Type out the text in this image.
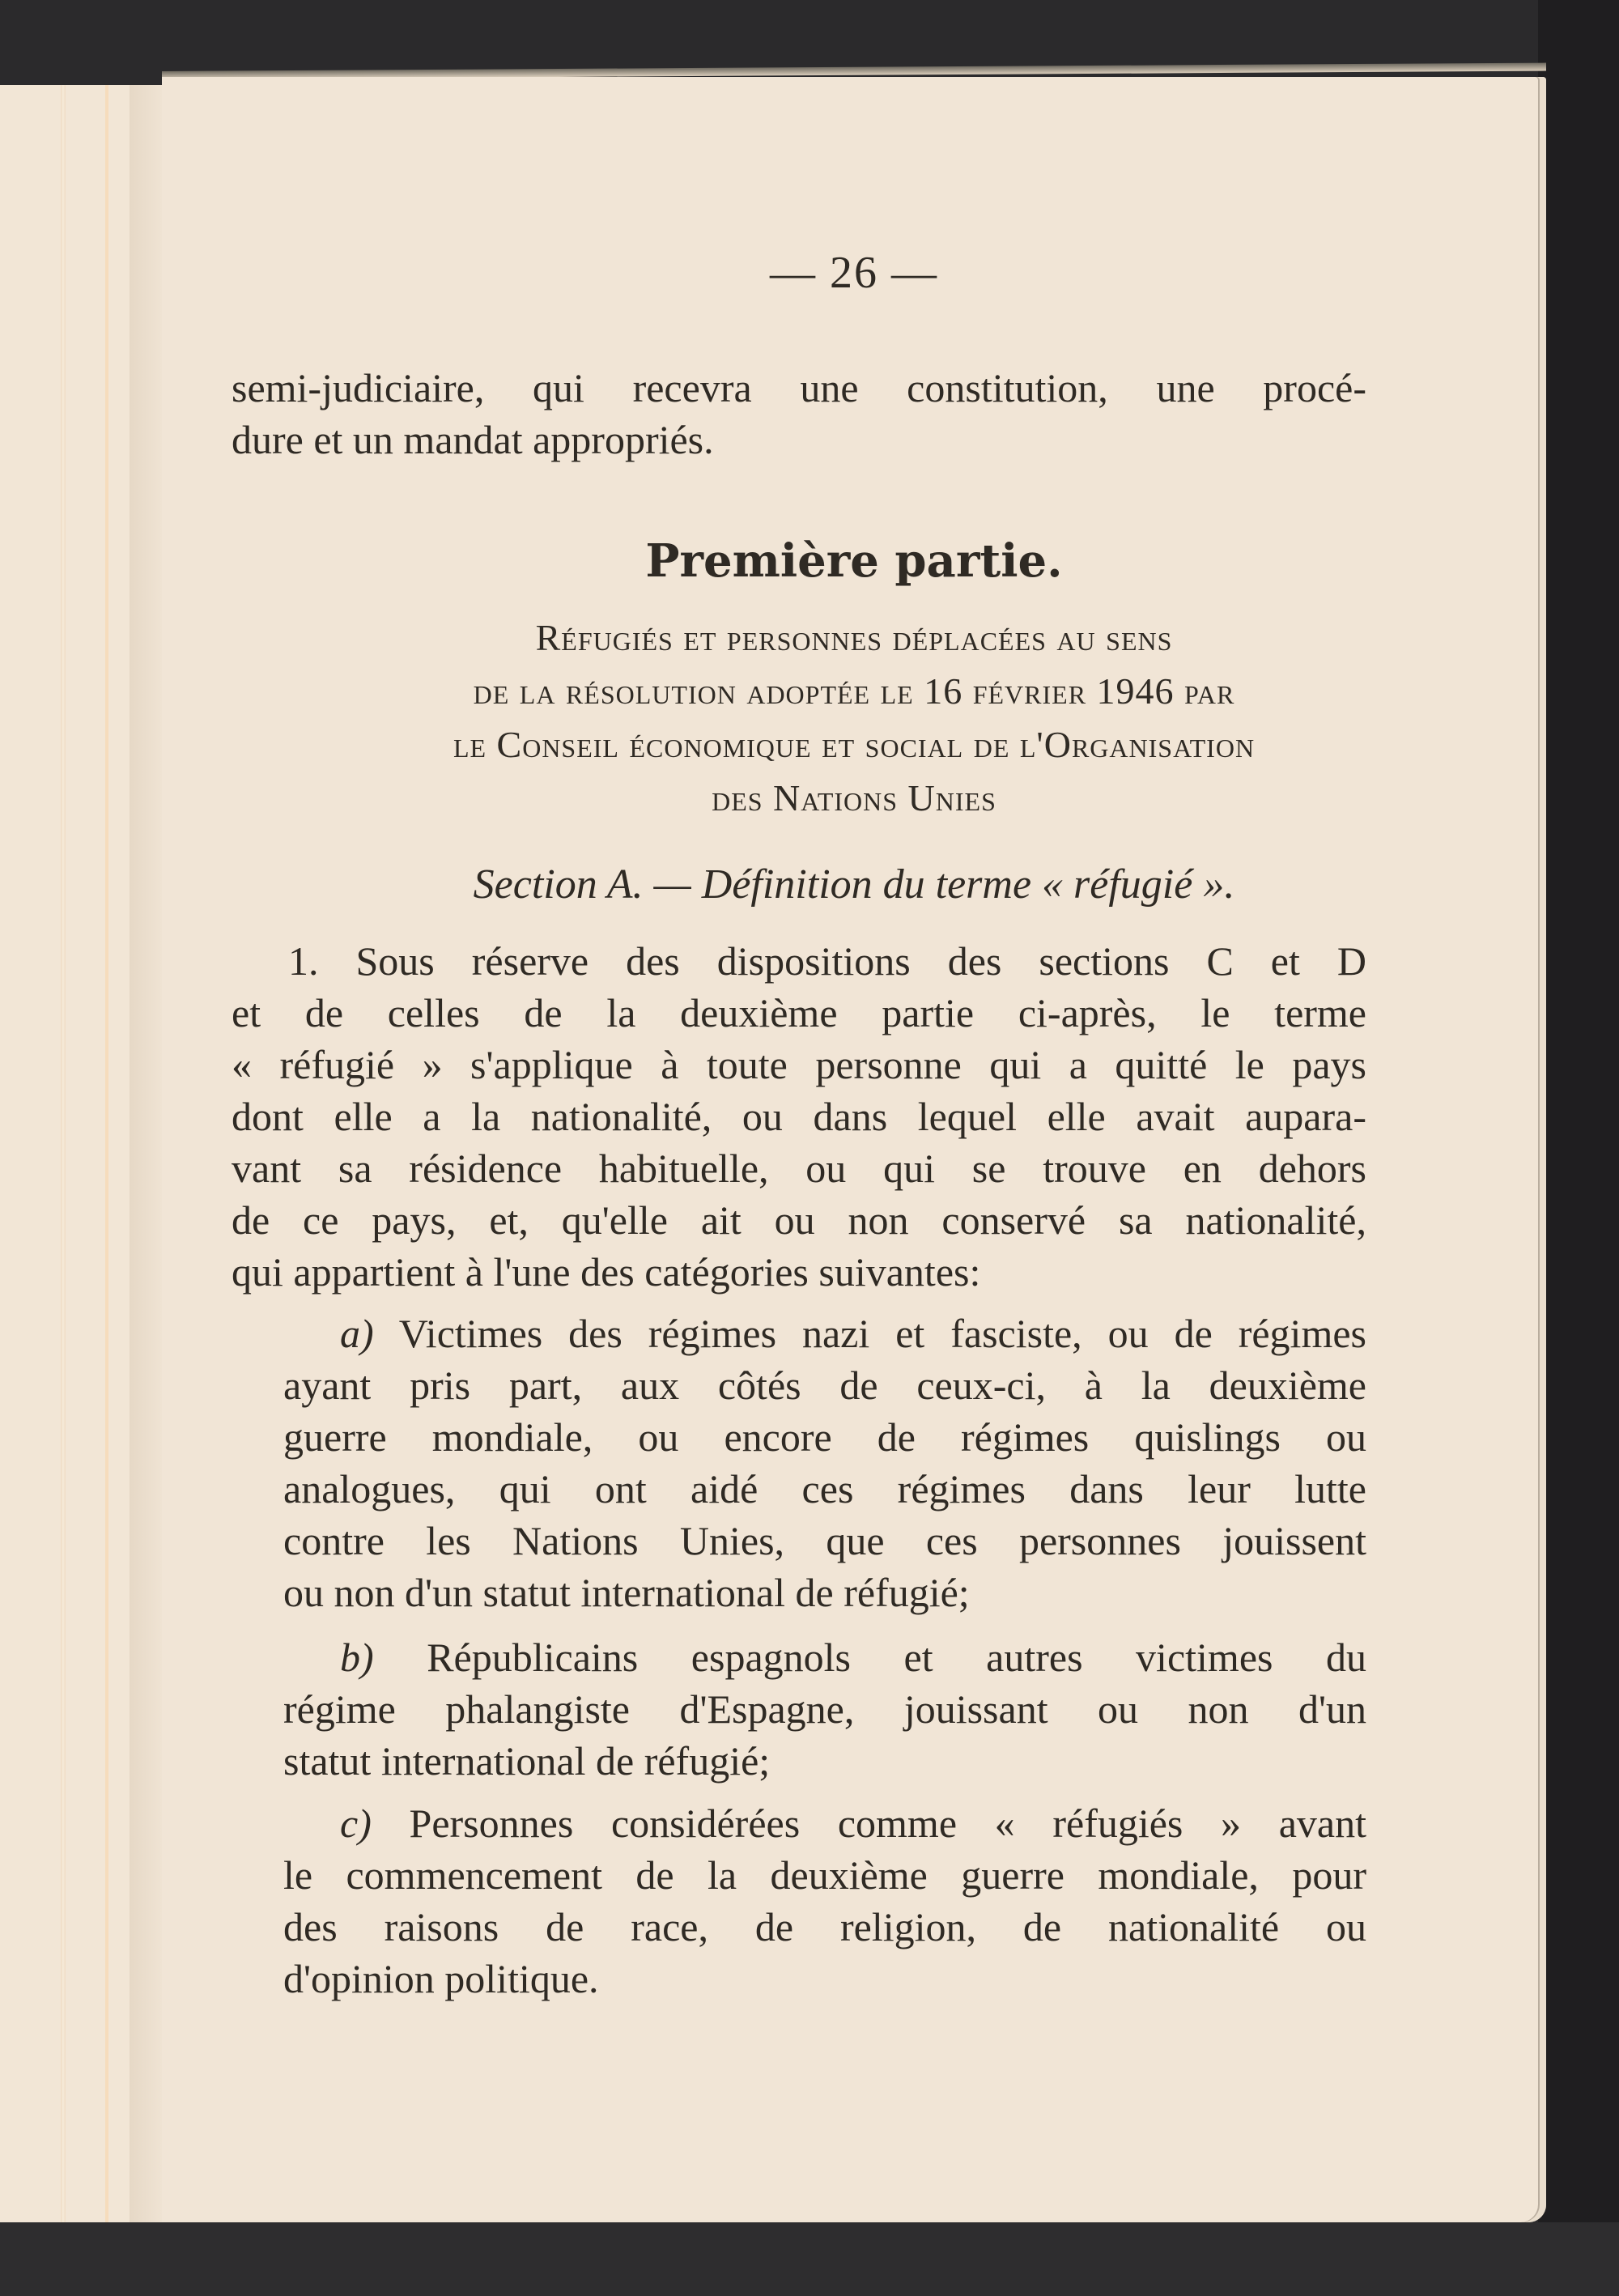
— 26 —
semi-judiciaire, qui recevra une constitution, une procé-
dure et un mandat appropriés.
Première partie.
Réfugiés et personnes déplacées au sens
de la résolution adoptée le 16 février 1946 par
le Conseil économique et social de l'Organisation
des Nations Unies
Section A. — Définition du terme « réfugié ».
1. Sous réserve des dispositions des sections C et D
et de celles de la deuxième partie ci-après, le terme
« réfugié » s'applique à toute personne qui a quitté le pays
dont elle a la nationalité, ou dans lequel elle avait aupara-
vant sa résidence habituelle, ou qui se trouve en dehors
de ce pays, et, qu'elle ait ou non conservé sa nationalité,
qui appartient à l'une des catégories suivantes:
a) Victimes des régimes nazi et fasciste, ou de régimes
ayant pris part, aux côtés de ceux-ci, à la deuxième
guerre mondiale, ou encore de régimes quislings ou
analogues, qui ont aidé ces régimes dans leur lutte
contre les Nations Unies, que ces personnes jouissent
ou non d'un statut international de réfugié;
b) Républicains espagnols et autres victimes du
régime phalangiste d'Espagne, jouissant ou non d'un
statut international de réfugié;
c) Personnes considérées comme « réfugiés » avant
le commencement de la deuxième guerre mondiale, pour
des raisons de race, de religion, de nationalité ou
d'opinion politique.
